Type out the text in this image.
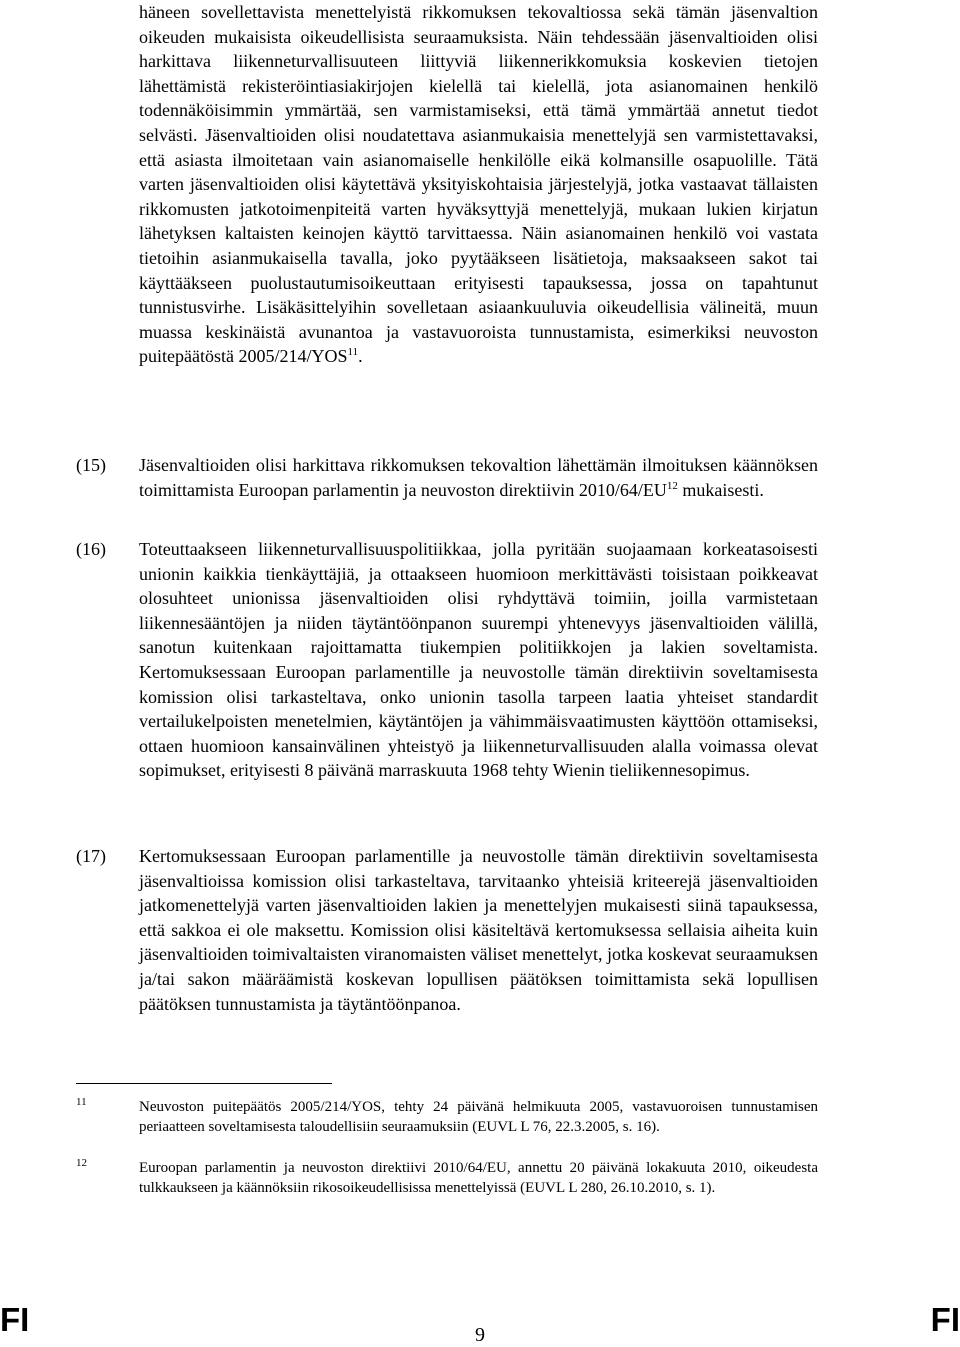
häneen sovellettavista menettelyistä rikkomuksen tekovaltiossa sekä tämän jäsenvaltion oikeuden mukaisista oikeudellisista seuraamuksista. Näin tehdessään jäsenvaltioiden olisi harkittava liikenneturvallisuuteen liittyviä liikennerikkomuksia koskevien tietojen lähettämistä rekisteröintiasiakirjojen kielellä tai kielellä, jota asianomainen henkilö todennäköisimmin ymmärtää, sen varmistamiseksi, että tämä ymmärtää annetut tiedot selvästi. Jäsenvaltioiden olisi noudatettava asianmukaisia menettelyjä sen varmistettavaksi, että asiasta ilmoitetaan vain asianomaiselle henkilölle eikä kolmansille osapuolille. Tätä varten jäsenvaltioiden olisi käytettävä yksityiskohtaisia järjestelyjä, jotka vastaavat tällaisten rikkomusten jatkotoimenpiteitä varten hyväksyttyjä menettelyjä, mukaan lukien kirjatun lähetyksen kaltaisten keinojen käyttö tarvittaessa. Näin asianomainen henkilö voi vastata tietoihin asianmukaisella tavalla, joko pyytääkseen lisätietoja, maksaakseen sakot tai käyttääkseen puolustautumisoikeuttaan erityisesti tapauksessa, jossa on tapahtunut tunnistusvirhe. Lisäkäsittelyihin sovelletaan asiaankuuluvia oikeudellisia välineitä, muun muassa keskinäistä avunantoa ja vastavuoroista tunnustamista, esimerkiksi neuvoston puitepäätöstä 2005/214/YOS$^{11}$.
(15) Jäsenvaltioiden olisi harkittava rikkomuksen tekovaltion lähettämän ilmoituksen käännöksen toimittamista Euroopan parlamentin ja neuvoston direktiivin 2010/64/EU$^{12}$ mukaisesti.
(16) Toteuttaakseen liikenneturvallisuuspolitiikkaa, jolla pyritään suojaamaan korkeatasoisesti unionin kaikkia tienkäyttäjiä, ja ottaakseen huomioon merkittävästi toisistaan poikkeavat olosuhteet unionissa jäsenvaltioiden olisi ryhdyttävä toimiin, joilla varmistetaan liikennesääntöjen ja niiden täytäntöönpanon suurempi yhtenevyys jäsenvaltioiden välillä, sanotun kuitenkaan rajoittamatta tiukempien politiikkojen ja lakien soveltamista. Kertomuksessaan Euroopan parlamentille ja neuvostolle tämän direktiivin soveltamisesta komission olisi tarkasteltava, onko unionin tasolla tarpeen laatia yhteiset standardit vertailukelpoisten menetelmien, käytäntöjen ja vähimmäisvaatimusten käyttöön ottamiseksi, ottaen huomioon kansainvälinen yhteistyö ja liikenneturvallisuuden alalla voimassa olevat sopimukset, erityisesti 8 päivänä marraskuuta 1968 tehty Wienin tieliikennesopimus.
(17) Kertomuksessaan Euroopan parlamentille ja neuvostolle tämän direktiivin soveltamisesta jäsenvaltioissa komission olisi tarkasteltava, tarvitaanko yhteisiä kriteerejä jäsenvaltioiden jatkomenettelyjä varten jäsenvaltioiden lakien ja menettelyjen mukaisesti siinä tapauksessa, että sakkoa ei ole maksettu. Komission olisi käsiteltävä kertomuksessa sellaisia aiheita kuin jäsenvaltioiden toimivaltaisten viranomaisten väliset menettelyt, jotka koskevat seuraamuksen ja/tai sakon määräämistä koskevan lopullisen päätöksen toimittamista sekä lopullisen päätöksen tunnustamista ja täytäntöönpanoa.
11	Neuvoston puitepäätös 2005/214/YOS, tehty 24 päivänä helmikuuta 2005, vastavuoroisen tunnustamisen periaatteen soveltamisesta taloudellisiin seuraamuksiin (EUVL L 76, 22.3.2005, s. 16).
12	Euroopan parlamentin ja neuvoston direktiivi 2010/64/EU, annettu 20 päivänä lokakuuta 2010, oikeudesta tulkkaukseen ja käännöksiin rikosoikeudellisissa menettelyissä (EUVL L 280, 26.10.2010, s. 1).
FI	9	FI
